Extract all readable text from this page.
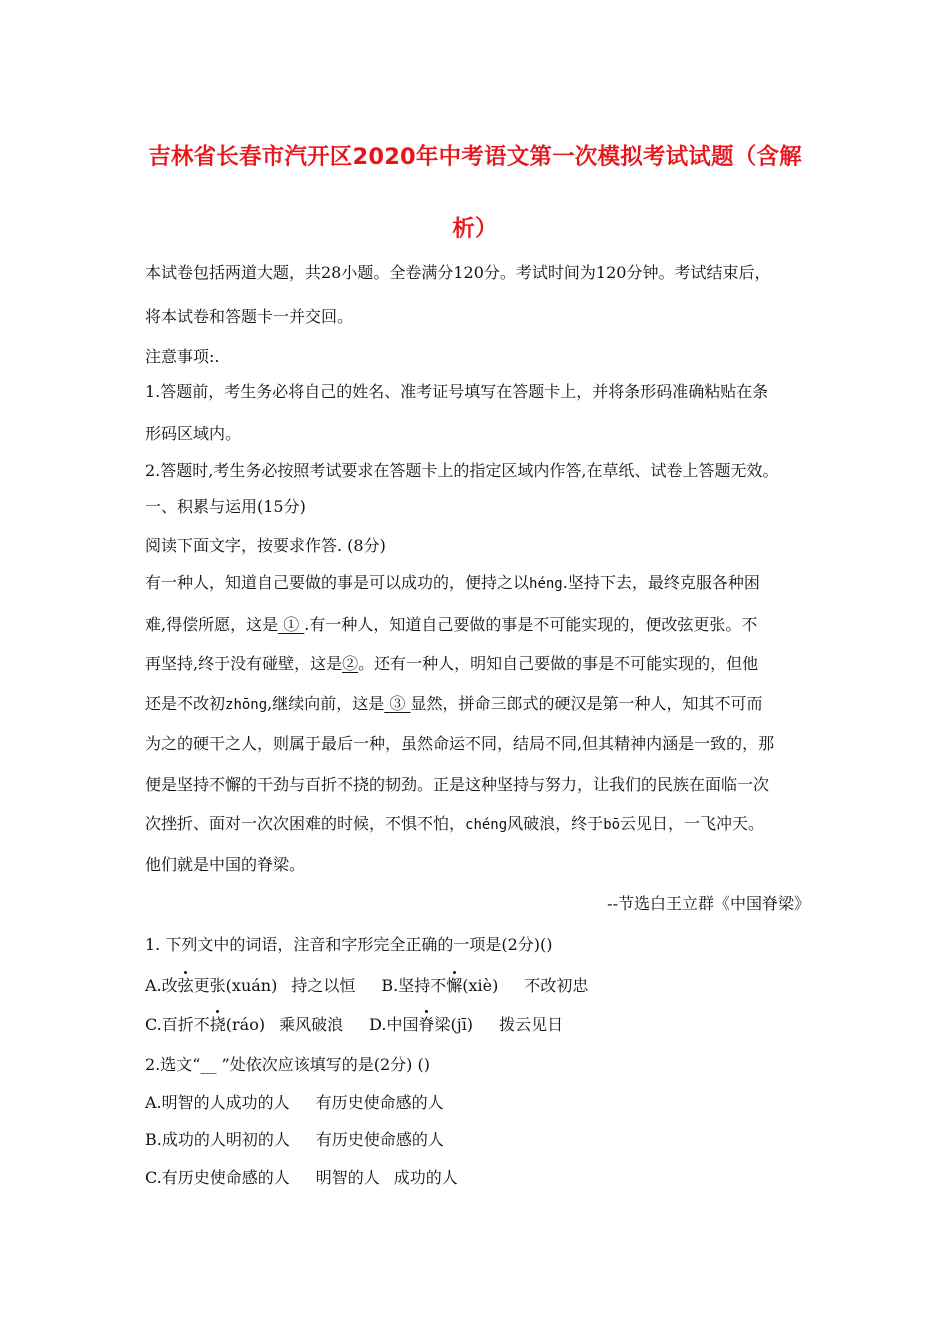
吉林省长春市汽开区2020年中考语文第一次模拟考试试题（含解
析）
本试卷包括两道大题，共28小题。全卷满分120分。考试时间为120分钟。考试结束后，
将本试卷和答题卡一并交回。
注意事项:.
1.答题前，考生务必将自己的姓名、准考证号填写在答题卡上，并将条形码准确粘贴在条
形码区域内。
2.答题时,考生务必按照考试要求在答题卡上的指定区域内作答,在草纸、试卷上答题无效。
一、积累与运用(15分)
阅读下面文字，按要求作答. (8分)
有一种人，知道自己要做的事是可以成功的，便持之以héng.坚持下去，最终克服各种困
难,得偿所愿，这是 ① .有一种人，知道自己要做的事是不可能实现的，便改弦更张。不
再坚持,终于没有碰壁，这是②。还有一种人，明知自己要做的事是不可能实现的，但他
还是不改初zhōng,继续向前，这是 ③ 显然，拼命三郎式的硬汉是第一种人，知其不可而
为之的硬干之人，则属于最后一种，虽然命运不同，结局不同,但其精神内涵是一致的，那
便是坚持不懈的干劲与百折不挠的韧劲。正是这种坚持与努力，让我们的民族在面临一次
次挫折、面对一次次困难的时候，不惧不怕，chéng风破浪，终于bō云见日，一飞冲天。
他们就是中国的脊梁。
--节选白王立群《中国脊梁》
1. 下列文中的词语，注音和字形完全正确的一项是(2分)()
A.改弦更张(xuán) 持之以恒 B.坚持不懈(xiè) 不改初忠
C.百折不挠(ráo) 乘风破浪 D.中国脊梁(jī) 拨云见日
2.选文“__ ”处依次应该填写的是(2分) ()
A.明智的人成功的人 有历史使命感的人
B.成功的人明初的人 有历史使命感的人
C.有历史使命感的人 明智的人 成功的人
